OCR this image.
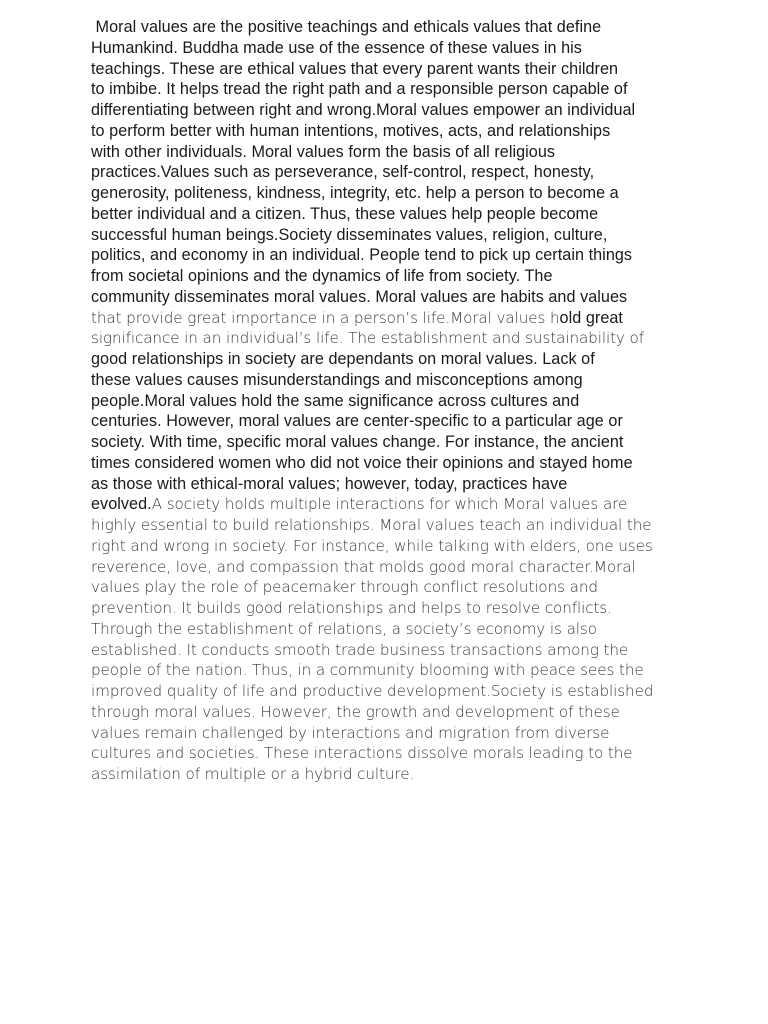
Moral values are the positive teachings and ethicals values that define
Humankind. Buddha made use of the essence of these values in his
teachings. These are ethical values that every parent wants their children
to imbibe. It helps tread the right path and a responsible person capable of
differentiating between right and wrong.Moral values empower an individual
to perform better with human intentions, motives, acts, and relationships
with other individuals. Moral values form the basis of all religious
practices.Values such as perseverance, self-control, respect, honesty,
generosity, politeness, kindness, integrity, etc. help a person to become a
better individual and a citizen. Thus, these values help people become
successful human beings.Society disseminates values, religion, culture,
politics, and economy in an individual. People tend to pick up certain things
from societal opinions and the dynamics of life from society. The
community disseminates moral values. Moral values are habits and values
that provide great importance in a person’s life.Moral values hold great
significance in an individual’s life. The establishment and sustainability of
good relationships in society are dependants on moral values. Lack of
these values causes misunderstandings and misconceptions among
people.Moral values hold the same significance across cultures and
centuries. However, moral values are center-specific to a particular age or
society. With time, specific moral values change. For instance, the ancient
times considered women who did not voice their opinions and stayed home
as those with ethical-moral values; however, today, practices have
evolved.A society holds multiple interactions for which Moral values are
highly essential to build relationships. Moral values teach an individual the
right and wrong in society. For instance, while talking with elders, one uses
reverence, love, and compassion that molds good moral character.Moral
values play the role of peacemaker through conflict resolutions and
prevention. It builds good relationships and helps to resolve conflicts.
Through the establishment of relations, a society’s economy is also
established. It conducts smooth trade business transactions among the
people of the nation. Thus, in a community blooming with peace sees the
improved quality of life and productive development.Society is established
through moral values. However, the growth and development of these
values remain challenged by interactions and migration from diverse
cultures and societies. These interactions dissolve morals leading to the
assimilation of multiple or a hybrid culture.
